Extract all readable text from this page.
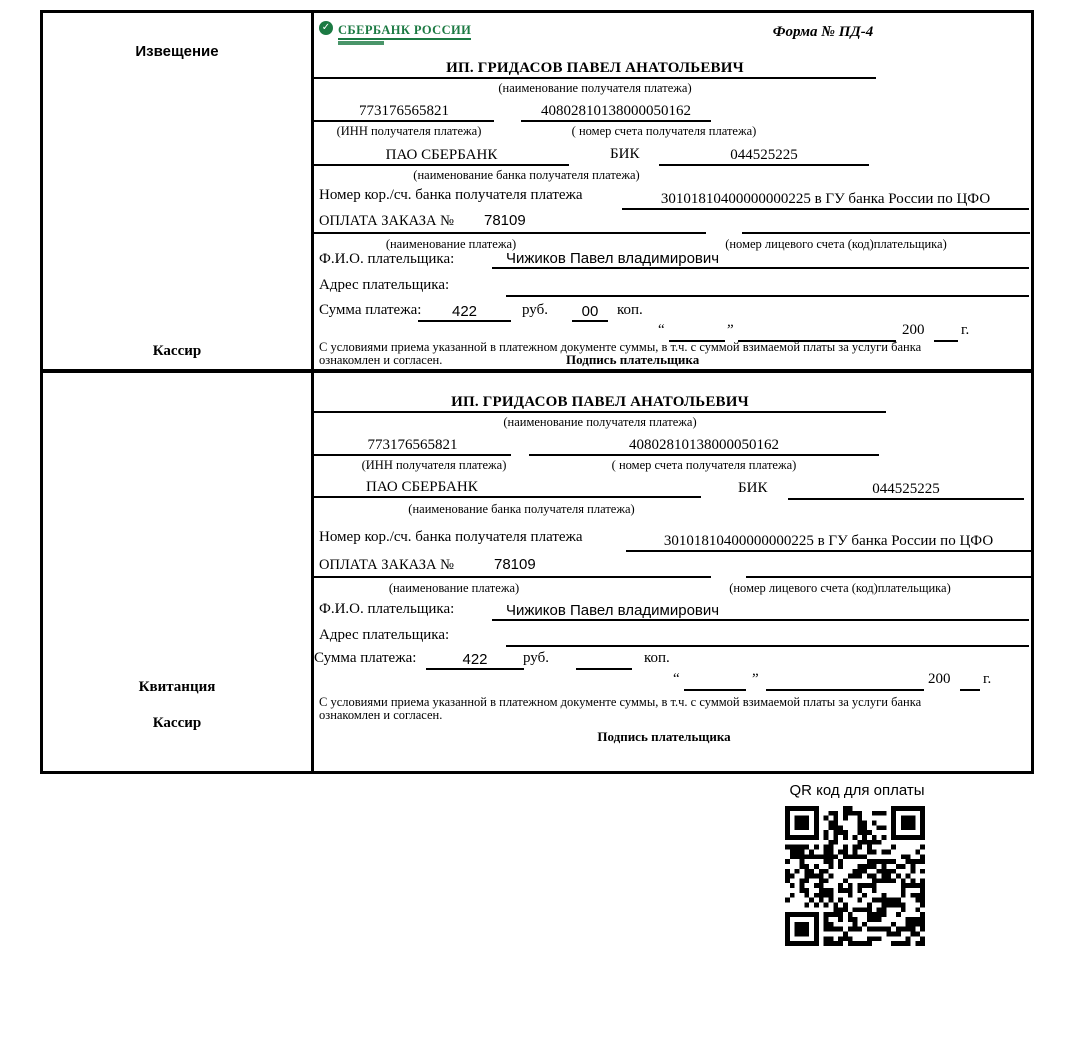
Извещение
Кассир
✓ СБЕРБАНК РОССИИ	Форма № ПД-4
ИП. ГРИДАСОВ ПАВЕЛ АНАТОЛЬЕВИЧ
(наименование получателя платежа)
773176565821	40802810138000050162
(ИНН получателя платежа)	( номер счета получателя платежа)
ПАО СБЕРБАНК	БИК	044525225
(наименование банка получателя платежа)
Номер кор./сч. банка получателя платежа	30101810400000000225 в ГУ банка России по ЦФО
ОПЛАТА ЗАКАЗА № 78109
(наименование платежа)	(номер лицевого счета (код)плательщика)
Ф.И.О. плательщика:	Чижиков Павел владимирович
Адрес плательщика:
Сумма платежа:	422	руб.	00	коп.
“	”	200 г.
С условиями приема указанной в платежном документе суммы, в т.ч. с суммой взимаемой платы за услуги банка
ознакомлен и согласен.	Подпись плательщика
Квитанция
Кассир
ИП. ГРИДАСОВ ПАВЕЛ АНАТОЛЬЕВИЧ
(наименование получателя платежа)
773176565821	40802810138000050162
(ИНН получателя платежа)	( номер счета получателя платежа)
ПАО СБЕРБАНК	БИК	044525225
(наименование банка получателя платежа)
Номер кор./сч. банка получателя платежа	30101810400000000225 в ГУ банка России по ЦФО
ОПЛАТА ЗАКАЗА №	78109
(наименование платежа)	(номер лицевого счета (код)плательщика)
Ф.И.О. плательщика:	Чижиков Павел владимирович
Адрес плательщика:
Сумма платежа:	422	руб.	коп.
“	”	200 г.
С условиями приема указанной в платежном документе суммы, в т.ч. с суммой взимаемой платы за услуги банка
ознакомлен и согласен.
Подпись плательщика
QR код для оплаты
